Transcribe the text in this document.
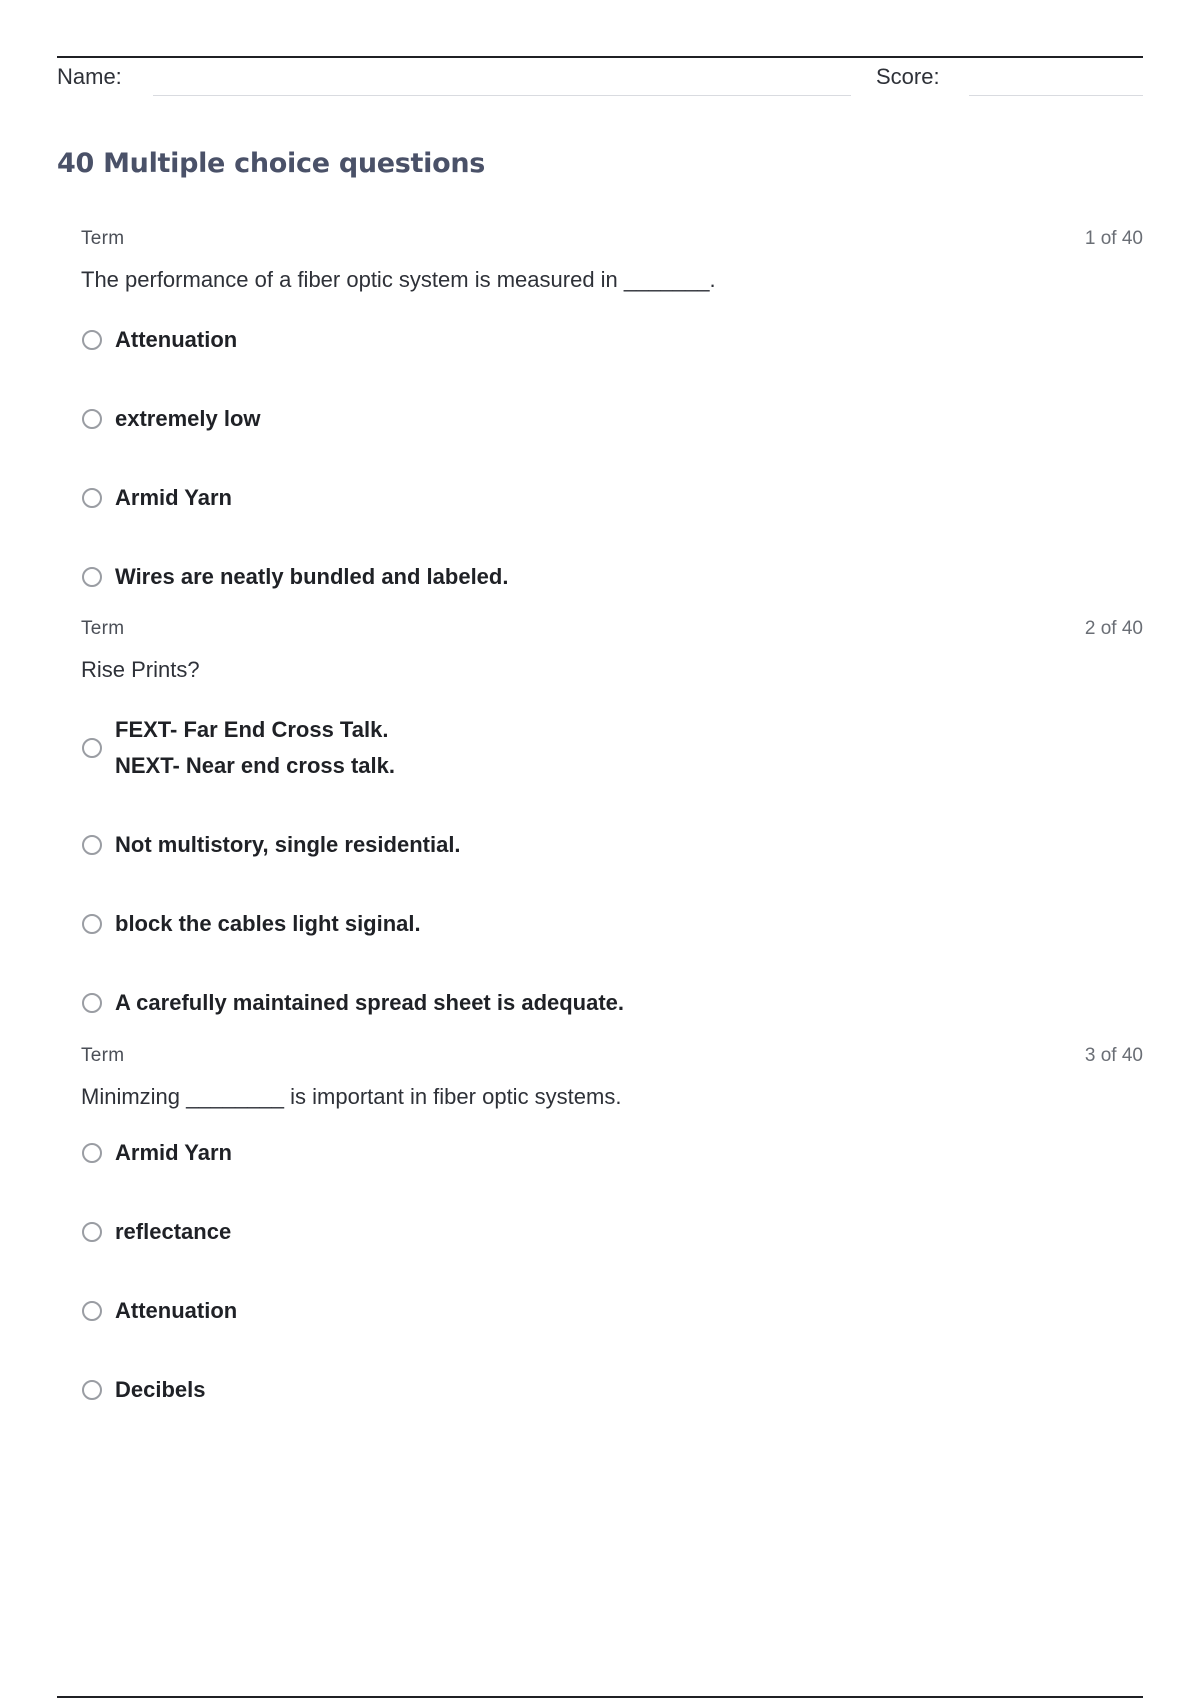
Name:	Score:
40 Multiple choice questions
Term	1 of 40

The performance of a fiber optic system is measured in _______.

Attenuation
extremely low
Armid Yarn
Wires are neatly bundled and labeled.
Term	2 of 40

Rise Prints?

FEXT- Far End Cross Talk.
NEXT- Near end cross talk.
Not multistory, single residential.
block the cables light siginal.
A carefully maintained spread sheet is adequate.
Term	3 of 40

Minimzing ________ is important in fiber optic systems.

Armid Yarn
reflectance
Attenuation
Decibels
